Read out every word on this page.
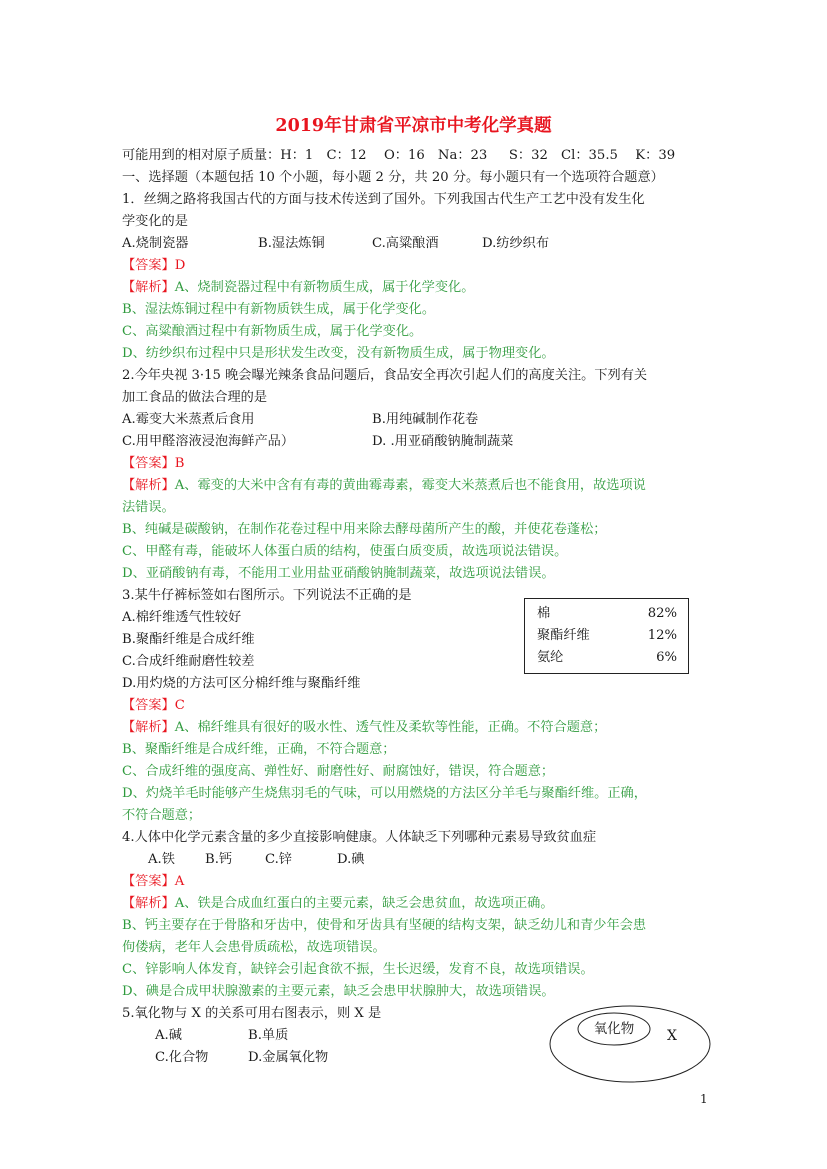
2019年甘肃省平凉市中考化学真题
可能用到的相对原子质量：H：1　C：12　 O：16　Na：23 　 S：32　Cl：35.5 　K：39
一、选择题（本题包括 10 个小题，每小题 2 分，共 20 分。每小题只有一个选项符合题意）
1．丝绸之路将我国古代的方面与技术传送到了国外。下列我国古代生产工艺中没有发生化
学变化的是
A.烧制瓷器	B.湿法炼铜	C.高粱酿酒	D.纺纱织布
【答案】D
【解析】A、烧制瓷器过程中有新物质生成，属于化学变化。
B、湿法炼铜过程中有新物质铁生成，属于化学变化。
C、高粱酿酒过程中有新物质生成，属于化学变化。
D、纺纱织布过程中只是形状发生改变，没有新物质生成，属于物理变化。
2.今年央视 3·15 晚会曝光辣条食品问题后，食品安全再次引起人们的高度关注。下列有关
加工食品的做法合理的是
A.霉变大米蒸煮后食用	B.用纯碱制作花卷
C.用甲醛溶液浸泡海鲜产品）	D. .用亚硝酸钠腌制蔬菜
【答案】B
【解析】A、霉变的大米中含有有毒的黄曲霉毒素，霉变大米蒸煮后也不能食用，故选项说
法错误。
B、纯碱是碳酸钠，在制作花卷过程中用来除去酵母菌所产生的酸，并使花卷蓬松；
C、甲醛有毒，能破坏人体蛋白质的结构，使蛋白质变质，故选项说法错误。
D、亚硝酸钠有毒，不能用工业用盐亚硝酸钠腌制蔬菜，故选项说法错误。
3.某牛仔裤标签如右图所示。下列说法不正确的是
A.棉纤维透气性较好
B.聚酯纤维是合成纤维
C.合成纤维耐磨性较差
D.用灼烧的方法可区分棉纤维与聚酯纤维
棉	82%
聚酯纤维	12%
氨纶	6%
【答案】C
【解析】A、棉纤维具有很好的吸水性、透气性及柔软等性能，正确。不符合题意；
B、聚酯纤维是合成纤维，正确，不符合题意；
C、合成纤维的强度高、弹性好、耐磨性好、耐腐蚀好，错误，符合题意；
D、灼烧羊毛时能够产生烧焦羽毛的气味，可以用燃烧的方法区分羊毛与聚酯纤维。正确，
不符合题意；
4.人体中化学元素含量的多少直接影响健康。人体缺乏下列哪种元素易导致贫血症
A.铁 B.钙 C.锌	D.碘
【答案】A
【解析】A、铁是合成血红蛋白的主要元素，缺乏会患贫血，故选项正确。
B、钙主要存在于骨胳和牙齿中，使骨和牙齿具有坚硬的结构支架，缺乏幼儿和青少年会患
佝偻病，老年人会患骨质疏松，故选项错误。
C、锌影响人体发育，缺锌会引起食欲不振，生长迟缓，发育不良，故选项错误。
D、碘是合成甲状腺激素的主要元素，缺乏会患甲状腺肿大，故选项错误。
5.氧化物与 X 的关系可用右图表示，则 X 是
A.碱	B.单质
C.化合物	D.金属氧化物
氧化物 X
1
